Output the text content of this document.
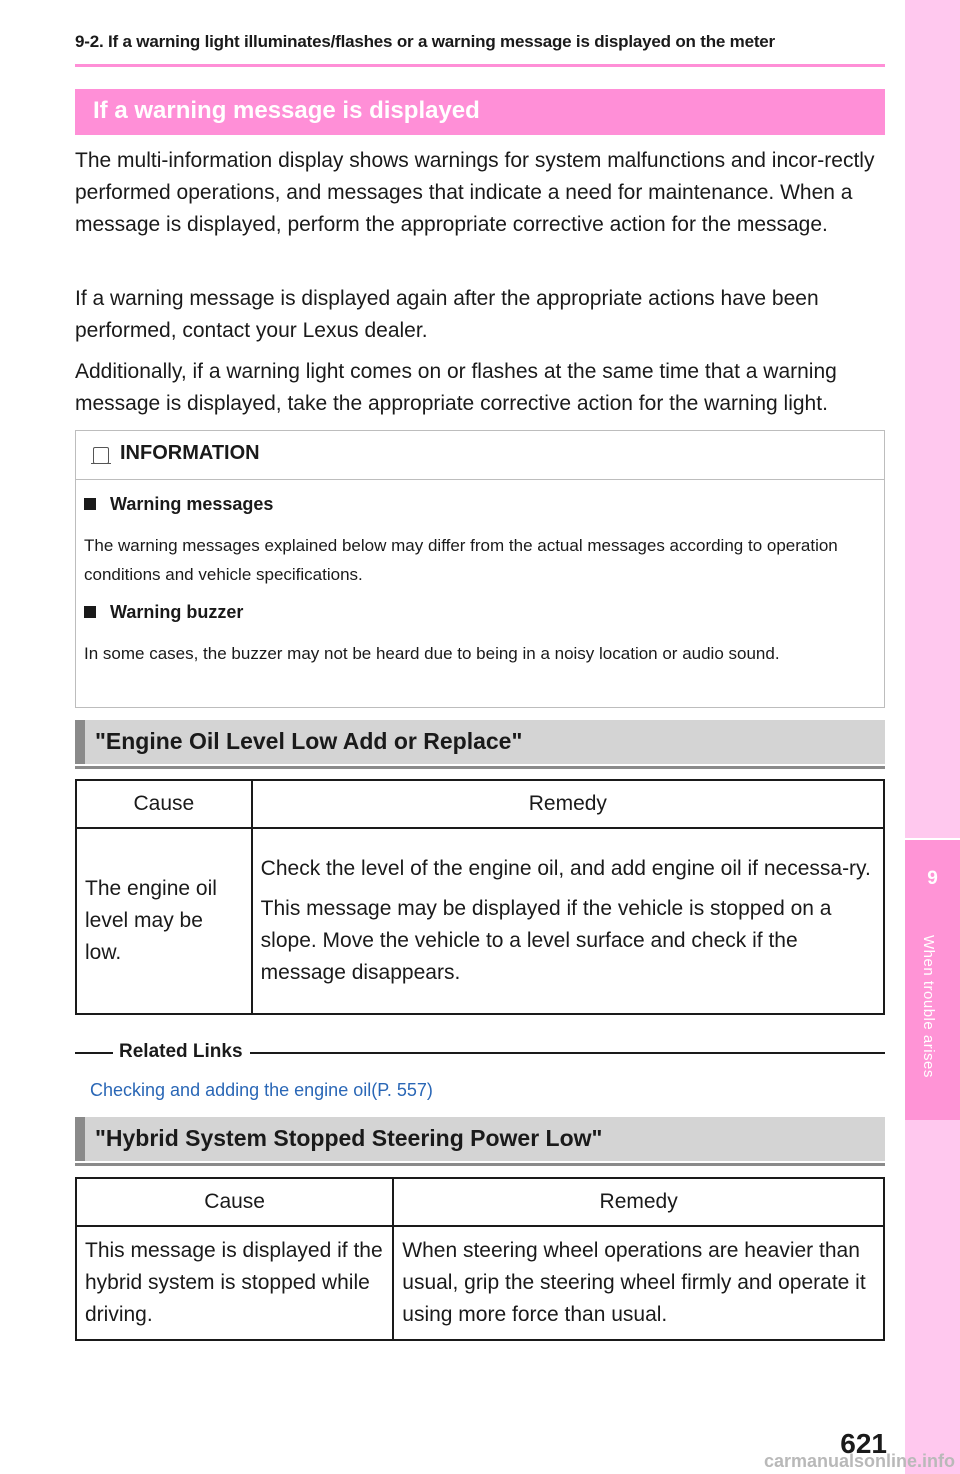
9-2. If a warning light illuminates/flashes or a warning message is displayed on the meter
9
When trouble arises
If a warning message is displayed
The multi-information display shows warnings for system malfunctions and incor-rectly performed operations, and messages that indicate a need for maintenance. When a message is displayed, perform the appropriate corrective action for the message.
If a warning message is displayed again after the appropriate actions have been performed, contact your Lexus dealer.
Additionally, if a warning light comes on or flashes at the same time that a warning message is displayed, take the appropriate corrective action for the warning light.
INFORMATION
Warning messages
The warning messages explained below may differ from the actual messages according to operation conditions and vehicle specifications.
Warning buzzer
In some cases, the buzzer may not be heard due to being in a noisy location or audio sound.
"Engine Oil Level Low Add or Replace"
Cause	Remedy
The engine oil level may be low.	Check the level of the engine oil, and add engine oil if necessa-ry.

This message may be displayed if the vehicle is stopped on a slope. Move the vehicle to a level surface and check if the message disappears.

Related Links
Checking and adding the engine oil(P. 557)
"Hybrid System Stopped Steering Power Low"
Cause	Remedy
This message is displayed if the hybrid system is stopped while driving.	When steering wheel operations are heavier than usual, grip the steering wheel firmly and operate it using more force than usual.
621
carmanualsonline.info
